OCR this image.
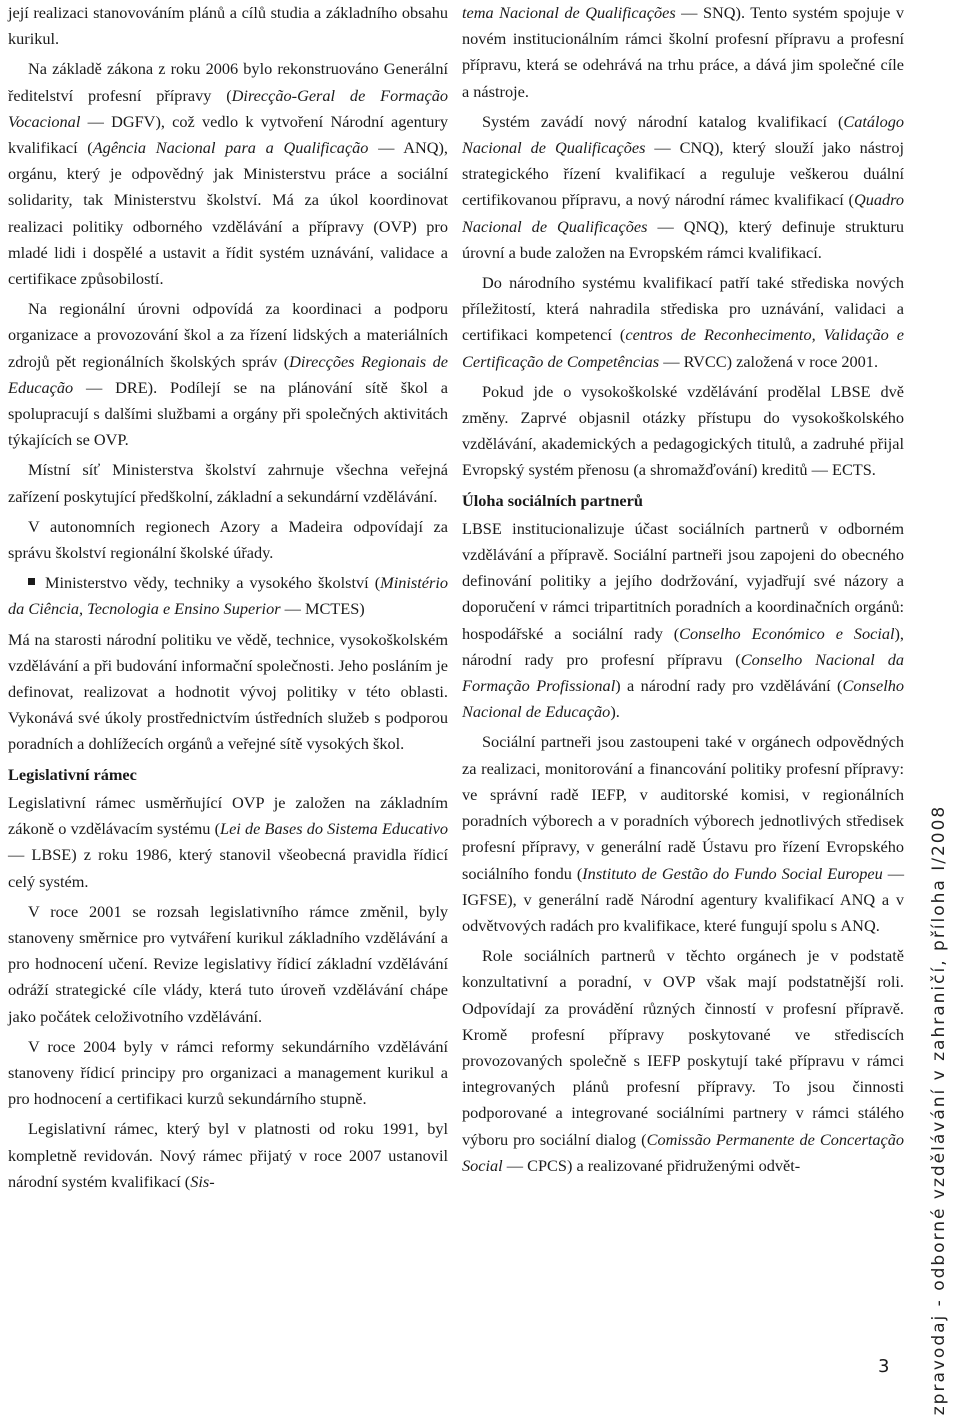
její realizaci stanovováním plánů a cílů studia a základního obsahu kurikul.

Na základě zákona z roku 2006 bylo rekonstruováno Generální ředitelství profesní přípravy (Direcção-Geral de Formação Vocacional — DGFV), což vedlo k vytvoření Národní agentury kvalifikací (Agência Nacional para a Qualificação — ANQ), orgánu, který je odpovědný jak Ministerstvu práce a sociální solidarity, tak Ministerstvu školství. Má za úkol koordinovat realizaci politiky odborného vzdělávání a přípravy (OVP) pro mladé lidi i dospělé a ustavit a řídit systém uznávání, validace a certifikace způsobilostí.

Na regionální úrovni odpovídá za koordinaci a podporu organizace a provozování škol a za řízení lidských a materiálních zdrojů pět regionálních školských správ (Direcções Regionais de Educação — DRE). Podílejí se na plánování sítě škol a spolupracují s dalšími službami a orgány při společných aktivitách týkajících se OVP.

Místní síť Ministerstva školství zahrnuje všechna veřejná zařízení poskytující předškolní, základní a sekundární vzdělávání.

V autonomních regionech Azory a Madeira odpovídají za správu školství regionální školské úřady.

Ministerstvo vědy, techniky a vysokého školství (Ministério da Ciência, Tecnologia e Ensino Superior — MCTES)

Má na starosti národní politiku ve vědě, technice, vysokoškolském vzdělávání a při budování informační společnosti. Jeho posláním je definovat, realizovat a hodnotit vývoj politiky v této oblasti. Vykonává své úkoly prostřednictvím ústředních služeb s podporou poradních a dohlížecích orgánů a veřejné sítě vysokých škol.

Legislativní rámec

Legislativní rámec usměrňující OVP je založen na základním zákoně o vzdělávacím systému (Lei de Bases do Sistema Educativo — LBSE) z roku 1986, který stanovil všeobecná pravidla řídicí celý systém.

V roce 2001 se rozsah legislativního rámce změnil, byly stanoveny směrnice pro vytváření kurikul základního vzdělávání a pro hodnocení učení. Revize legislativy řídicí základní vzdělávání odráží strategické cíle vlády, která tuto úroveň vzdělávání chápe jako počátek celoživotního vzdělávání.

V roce 2004 byly v rámci reformy sekundárního vzdělávání stanoveny řídicí principy pro organizaci a management kurikul a pro hodnocení a certifikaci kurzů sekundárního stupně.

Legislativní rámec, který byl v platnosti od roku 1991, byl kompletně revidován. Nový rámec přijatý v roce 2007 ustanovil národní systém kvalifikací (Sis-

tema Nacional de Qualificações — SNQ). Tento systém spojuje v novém institucionálním rámci školní profesní přípravu a profesní přípravu, která se odehrává na trhu práce, a dává jim společné cíle a nástroje.

Systém zavádí nový národní katalog kvalifikací (Catálogo Nacional de Qualificações — CNQ), který slouží jako nástroj strategického řízení kvalifikací a reguluje veškerou duální certifikovanou přípravu, a nový národní rámec kvalifikací (Quadro Nacional de Qualificações — QNQ), který definuje strukturu úrovní a bude založen na Evropském rámci kvalifikací.

Do národního systému kvalifikací patří také střediska nových příležitostí, která nahradila střediska pro uznávání, validaci a certifikaci kompetencí (centros de Reconhecimento, Validação e Certificação de Competências — RVCC) založená v roce 2001.

Pokud jde o vysokoškolské vzdělávání prodělal LBSE dvě změny. Zaprvé objasnil otázky přístupu do vysokoškolského vzdělávání, akademických a pedagogických titulů, a zadruhé přijal Evropský systém přenosu (a shromažďování) kreditů — ECTS.

Úloha sociálních partnerů

LBSE institucionalizuje účast sociálních partnerů v odborném vzdělávání a přípravě. Sociální partneři jsou zapojeni do obecného definování politiky a jejího dodržování, vyjadřují své názory a doporučení v rámci tripartitních poradních a koordinačních orgánů: hospodářské a sociální rady (Conselho Económico e Social), národní rady pro profesní přípravu (Conselho Nacional da Formação Profissional) a národní rady pro vzdělávání (Conselho Nacional de Educação).

Sociální partneři jsou zastoupeni také v orgánech odpovědných za realizaci, monitorování a financování politiky profesní přípravy: ve správní radě IEFP, v auditorské komisi, v regionálních poradních výborech a v poradních výborech jednotlivých středisek profesní přípravy, v generální radě Ústavu pro řízení Evropského sociálního fondu (Instituto de Gestão do Fundo Social Europeu — IGFSE), v generální radě Národní agentury kvalifikací ANQ a v odvětvových radách pro kvalifikace, které fungují spolu s ANQ.

Role sociálních partnerů v těchto orgánech je v podstatě konzultativní a poradní, v OVP však mají podstatnější roli. Odpovídají za provádění různých činností v profesní přípravě. Kromě profesní přípravy poskytované ve střediscích provozovaných společně s IEFP poskytují také přípravu v rámci integrovaných plánů profesní přípravy. To jsou činnosti podporované a integrované sociálními partnery v rámci stálého výboru pro sociální dialog (Comissão Permanente de Concertação Social — CPCS) a realizované přidruženými odvět-	zpravodaj - odborné vzdělávání v zahraničí, příloha I/2008
3
